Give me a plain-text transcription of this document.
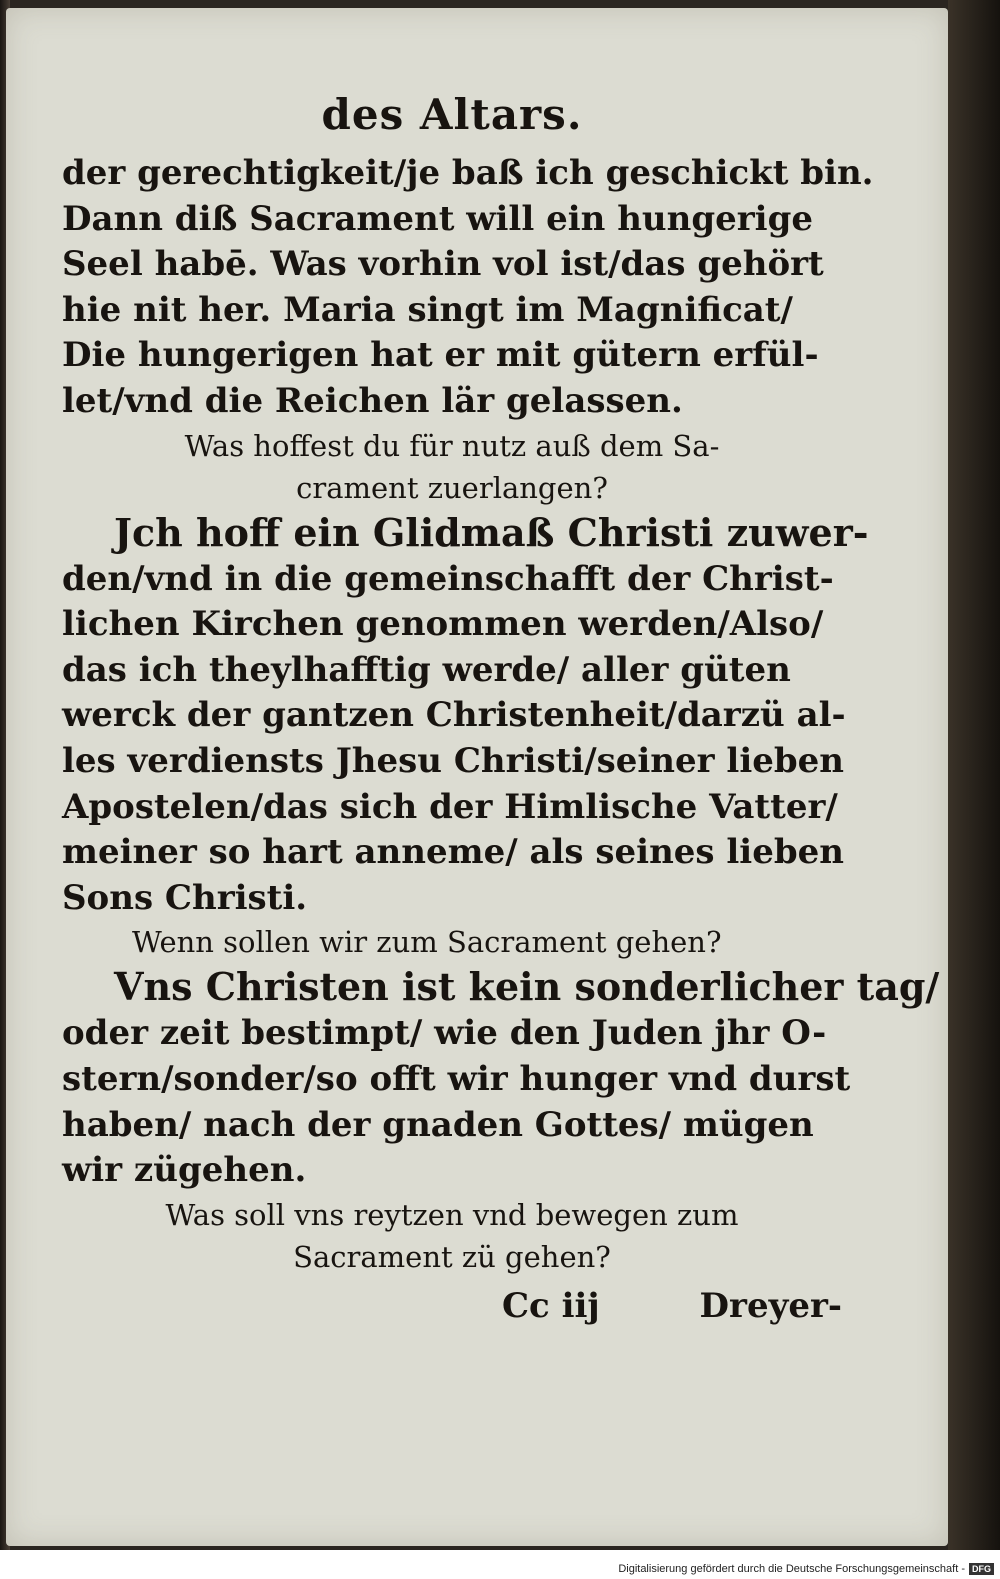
des Altars.
der gerechtigkeit/je baß ich geschickt bin.
Dann diß Sacrament will ein hungerige
Seel habē. Was vorhin vol ist/das gehört
hie nit her. Maria singt im Magnificat/
Die hungerigen hat er mit gütern erfül-
let/vnd die Reichen lär gelassen.
Was hoffest du für nutz auß dem Sa-
crament zuerlangen?
Jch hoff ein Glidmaß Christi zuwer-
den/vnd in die gemeinschafft der Christ-
lichen Kirchen genommen werden/Also/
das ich theylhafftig werde/ aller güten
werck der gantzen Christenheit/darzü al-
les verdiensts Jhesu Christi/seiner lieben
Apostelen/das sich der Himlische Vatter/
meiner so hart anneme/ als seines lieben
Sons Christi.
Wenn sollen wir zum Sacrament gehen?
Vns Christen ist kein sonderlicher tag/
oder zeit bestimpt/ wie den Juden jhr O-
stern/sonder/so offt wir hunger vnd durst
haben/ nach der gnaden Gottes/ mügen
wir zügehen.
Was soll vns reytzen vnd bewegen zum
Sacrament zü gehen?
Cc iij	Dreyer-
Digitalisierung gefördert durch die Deutsche Forschungsgemeinschaft - DFG
